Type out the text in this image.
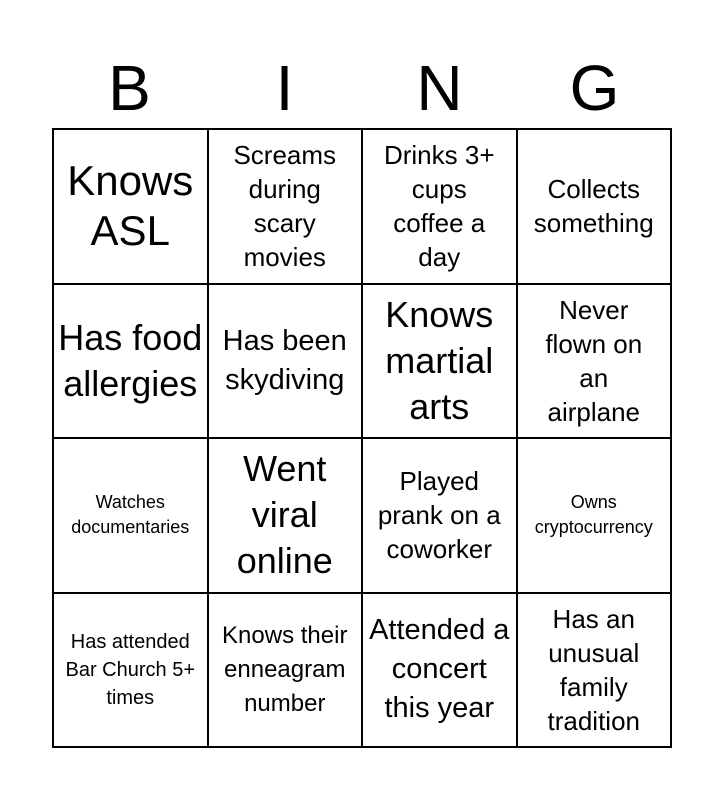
B	I	N	G
Knows ASL
Screams during scary movies
Drinks 3+ cups coffee a day
Collects something
Has food allergies
Has been skydiving
Knows martial arts
Never flown on an airplane
Watches documentaries
Went viral online
Played prank on a coworker
Owns cryptocurrency
Has attended Bar Church 5+ times
Knows their enneagram number
Attended a concert this year
Has an unusual family tradition
